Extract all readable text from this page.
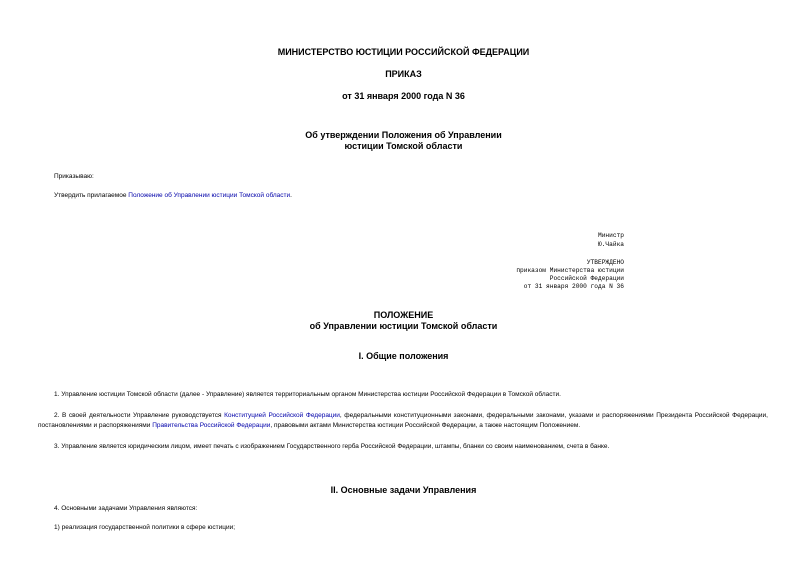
МИНИСТЕРСТВО ЮСТИЦИИ РОССИЙСКОЙ ФЕДЕРАЦИИ
ПРИКАЗ
от 31 января 2000 года N 36
Об утверждении Положения об Управлении
юстиции Томской области
Приказываю:
Утвердить прилагаемое Положение об Управлении юстиции Томской области.
Министр
Ю.Чайка
УТВЕРЖДЕНО
приказом Министерства юстиции
Российской Федерации
от 31 января 2000 года N 36
ПОЛОЖЕНИЕ
об Управлении юстиции Томской области
I. Общие положения
1. Управление юстиции Томской области (далее - Управление) является территориальным органом Министерства юстиции Российской Федерации в Томской области.
2. В своей деятельности Управление руководствуется Конституцией Российской Федерации, федеральными конституционными законами, федеральными законами, указами и распоряжениями Президента Российской Федерации, постановлениями и распоряжениями Правительства Российской Федерации, правовыми актами Министерства юстиции Российской Федерации, а также настоящим Положением.
3. Управление является юридическим лицом, имеет печать с изображением Государственного герба Российской Федерации, штампы, бланки со своим наименованием, счета в банке.
II. Основные задачи Управления
4. Основными задачами Управления являются:
1) реализация государственной политики в сфере юстиции;
